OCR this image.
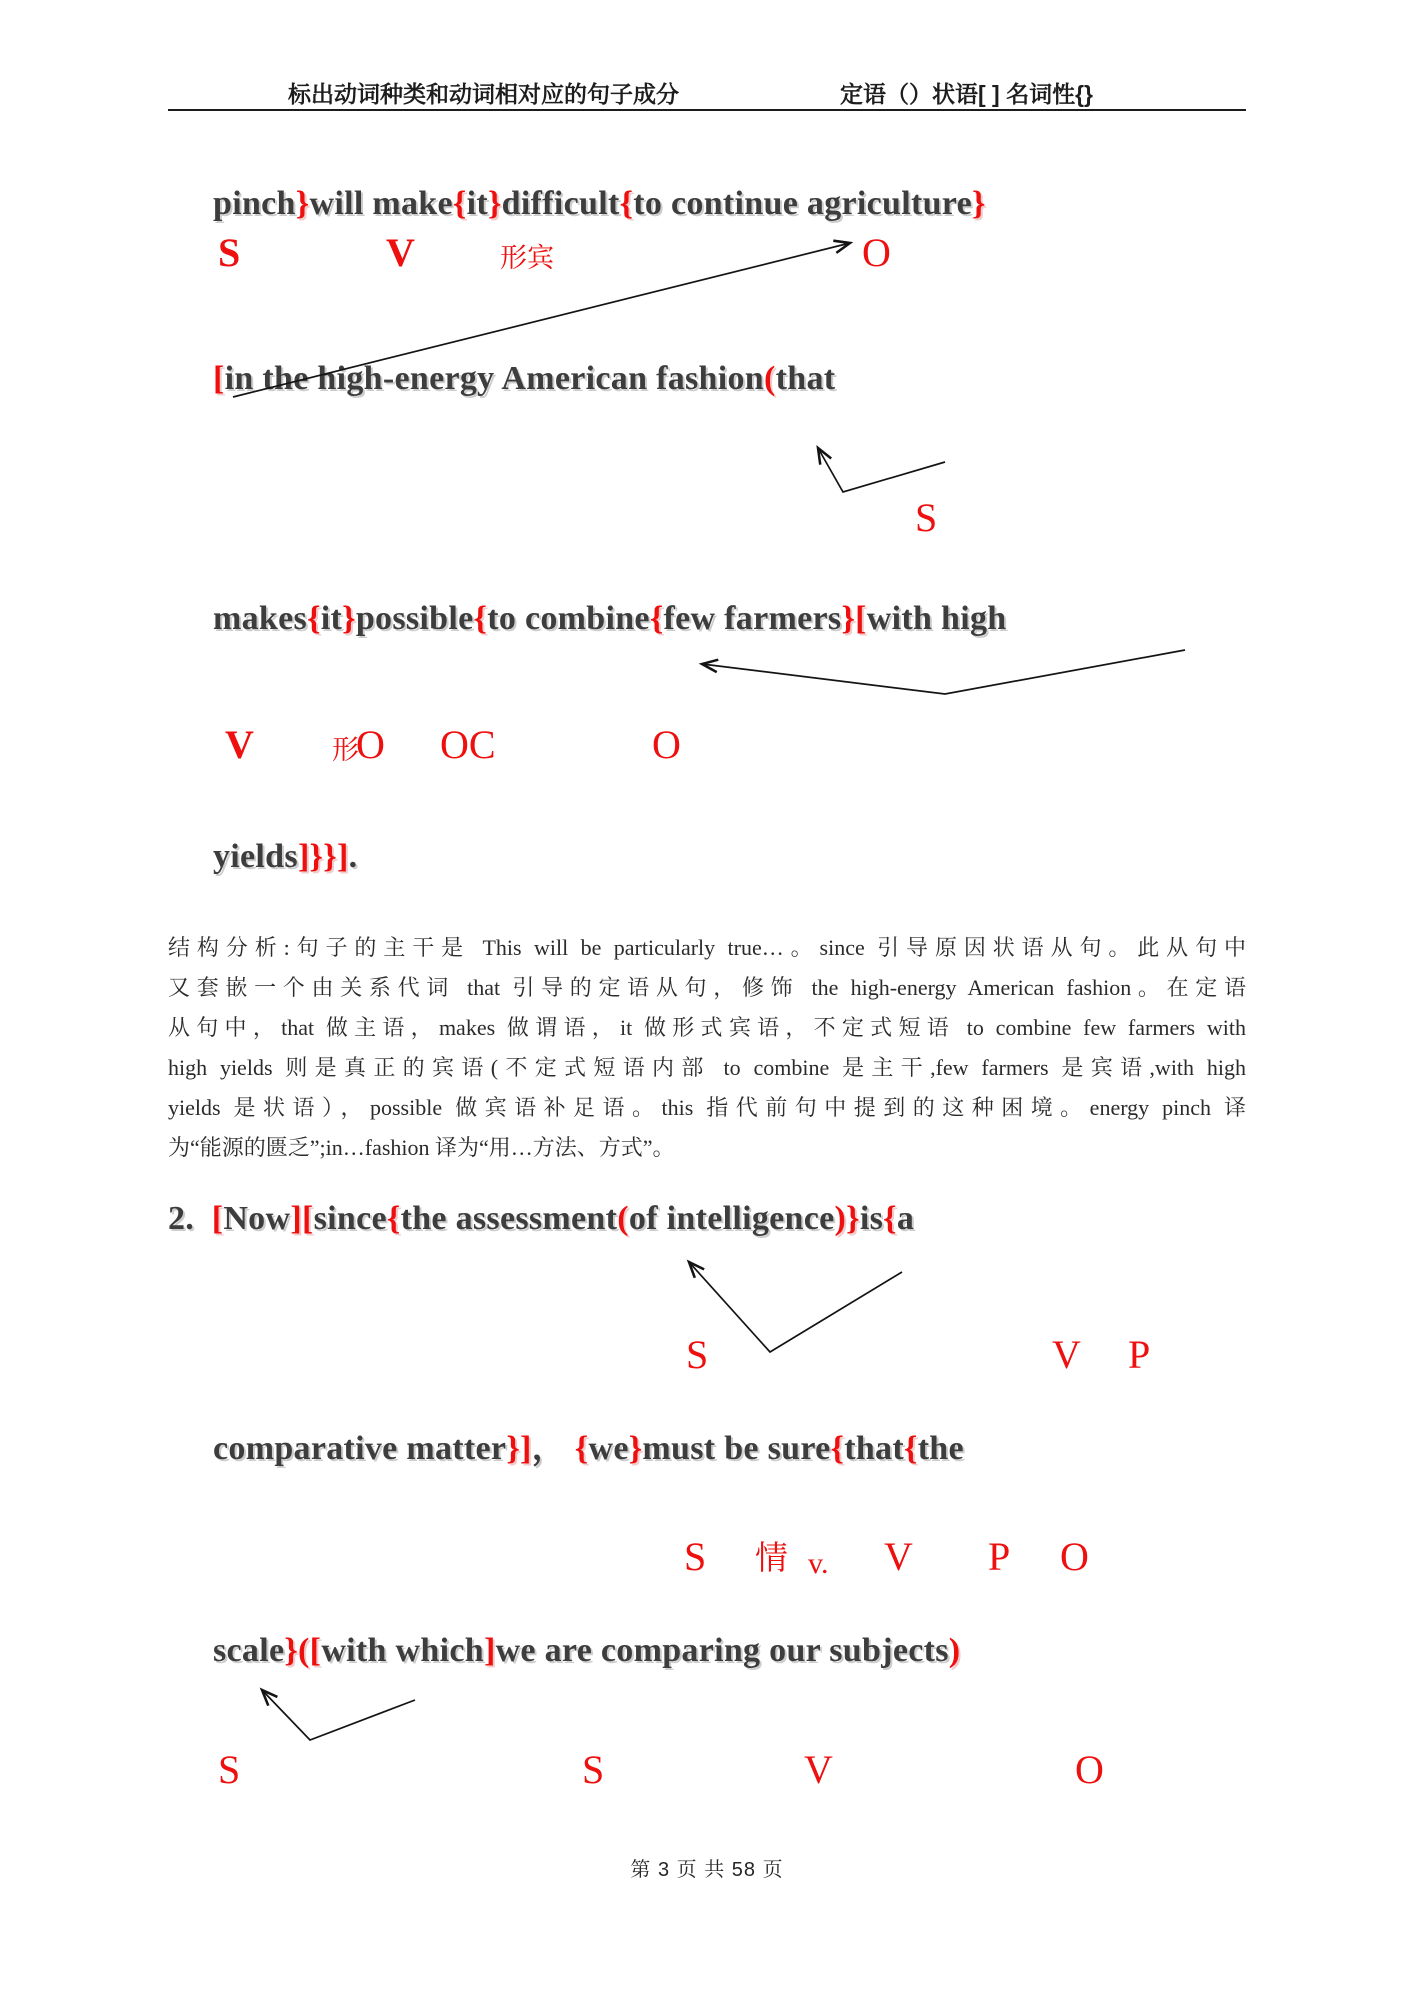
标出动词种类和动词相对应的句子成分	定语（）状语[ ] 名词性{}
pinch}will make{it}difficult{to continue agriculture}
[in the high-energy American fashion(that
makes{it}possible{to combine{few farmers}[with high
yields]}}].
2.  [Now][since{the assessment(of intelligence)}is{a
comparative matter}]， {we}must be sure{that{the
scale}([with which]we are comparing our subjects)
S	V	形宾	O
S
V	形
O OC	O
S	V P
S 情 v. V P O
S	S	V	O
结构分析:句子的主干是 This will be particularly true…。since 引导原因状语从句。此从句中
又套嵌一个由关系代词 that 引导的定语从句，修饰 the high-energy American fashion。在定语
从句中，that 做主语，makes 做谓语，it 做形式宾语，不定式短语 to combine few farmers with
high yields 则是真正的宾语(不定式短语内部 to combine 是主干,few farmers 是宾语,with high
yields 是状语），possible 做宾语补足语。this 指代前句中提到的这种困境。energy pinch 译
为“能源的匮乏”;in…fashion 译为“用…方法、方式”。
第 3 页 共 58 页
